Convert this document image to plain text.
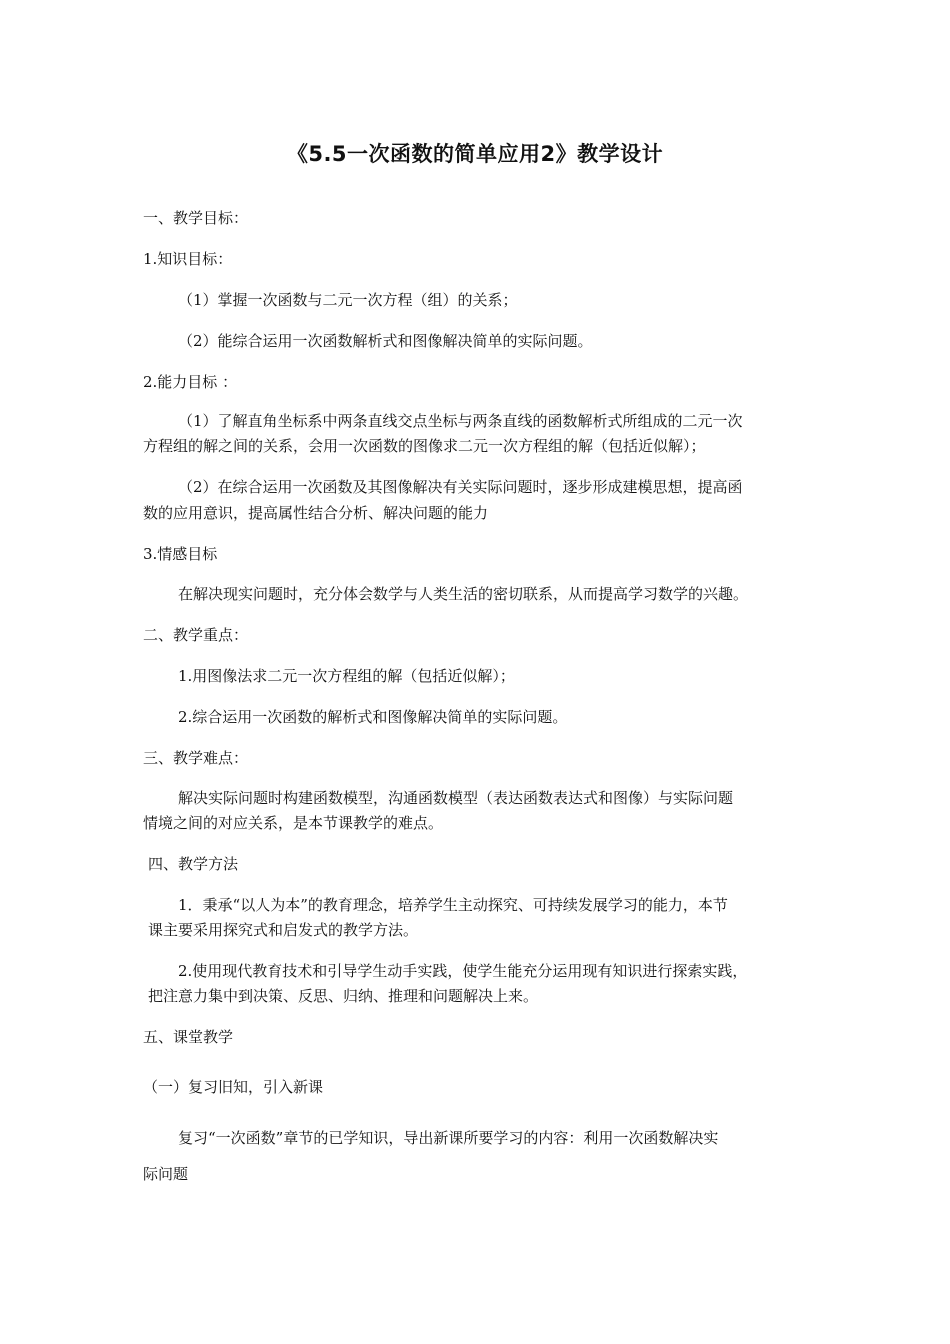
《5.5一次函数的简单应用2》教学设计
一、教学目标：
1.知识目标：
（1）掌握一次函数与二元一次方程（组）的关系；
（2）能综合运用一次函数解析式和图像解决简单的实际问题。
2.能力目标 ：
（1）了解直角坐标系中两条直线交点坐标与两条直线的函数解析式所组成的二元一次
方程组的解之间的关系，会用一次函数的图像求二元一次方程组的解（包括近似解）；
（2）在综合运用一次函数及其图像解决有关实际问题时，逐步形成建模思想，提高函
数的应用意识，提高属性结合分析、解决问题的能力
3.情感目标
在解决现实问题时，充分体会数学与人类生活的密切联系，从而提高学习数学的兴趣。
二、教学重点：
1.用图像法求二元一次方程组的解（包括近似解）；
2.综合运用一次函数的解析式和图像解决简单的实际问题。
三、教学难点：
解决实际问题时构建函数模型，沟通函数模型（表达函数表达式和图像）与实际问题
情境之间的对应关系，是本节课教学的难点。
四、教学方法
1．秉承“以人为本”的教育理念，培养学生主动探究、可持续发展学习的能力，本节
课主要采用探究式和启发式的教学方法。
2.使用现代教育技术和引导学生动手实践，使学生能充分运用现有知识进行探索实践，
把注意力集中到决策、反思、归纳、推理和问题解决上来。
五、课堂教学
（一）复习旧知，引入新课
复习“一次函数”章节的已学知识，导出新课所要学习的内容：利用一次函数解决实
际问题
